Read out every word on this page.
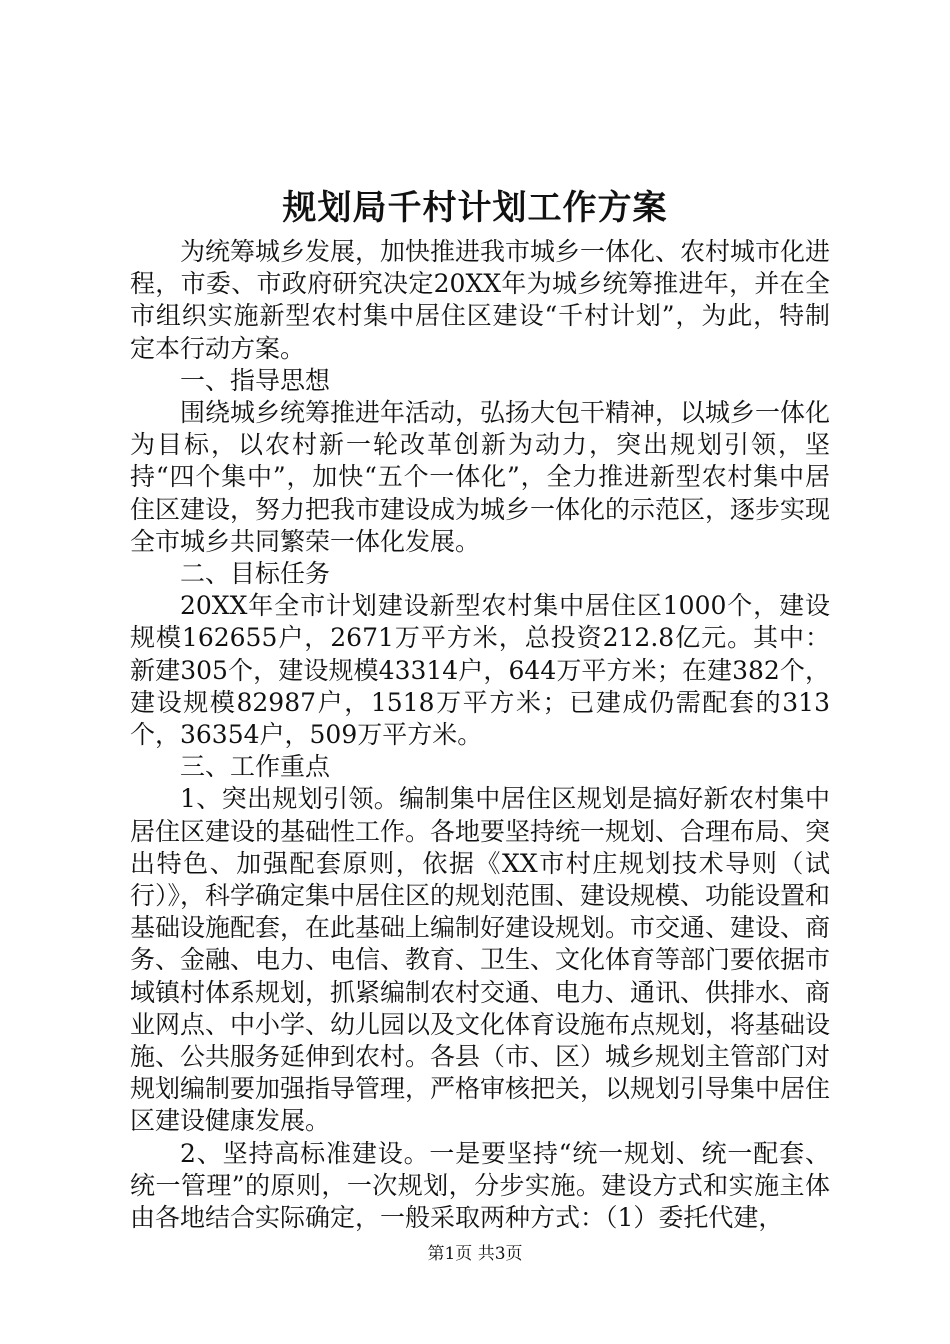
规划局千村计划工作方案

为统筹城乡发展，加快推进我市城乡一体化、农村城市化进程，市委、市政府研究决定20XX年为城乡统筹推进年，并在全市组织实施新型农村集中居住区建设“千村计划”，为此，特制定本行动方案。

一、指导思想

围绕城乡统筹推进年活动，弘扬大包干精神，以城乡一体化为目标，以农村新一轮改革创新为动力，突出规划引领，坚持“四个集中”，加快“五个一体化”，全力推进新型农村集中居住区建设，努力把我市建设成为城乡一体化的示范区，逐步实现全市城乡共同繁荣一体化发展。

二、目标任务

20XX年全市计划建设新型农村集中居住区1000个，建设规模162655户，2671万平方米，总投资212.8亿元。其中：新建305个，建设规模43314户，644万平方米；在建382个，建设规模82987户，1518万平方米；已建成仍需配套的313个，36354户，509万平方米。

三、工作重点

1、突出规划引领。编制集中居住区规划是搞好新农村集中居住区建设的基础性工作。各地要坚持统一规划、合理布局、突出特色、加强配套原则，依据《XX市村庄规划技术导则（试行）》，科学确定集中居住区的规划范围、建设规模、功能设置和基础设施配套，在此基础上编制好建设规划。市交通、建设、商务、金融、电力、电信、教育、卫生、文化体育等部门要依据市域镇村体系规划，抓紧编制农村交通、电力、通讯、供排水、商业网点、中小学、幼儿园以及文化体育设施布点规划，将基础设施、公共服务延伸到农村。各县（市、区）城乡规划主管部门对规划编制要加强指导管理，严格审核把关，以规划引导集中居住区建设健康发展。

2、坚持高标准建设。一是要坚持“统一规划、统一配套、统一管理”的原则，一次规划，分步实施。建设方式和实施主体由各地结合实际确定，一般采取两种方式：（1）委托代建，

第1页 共3页
